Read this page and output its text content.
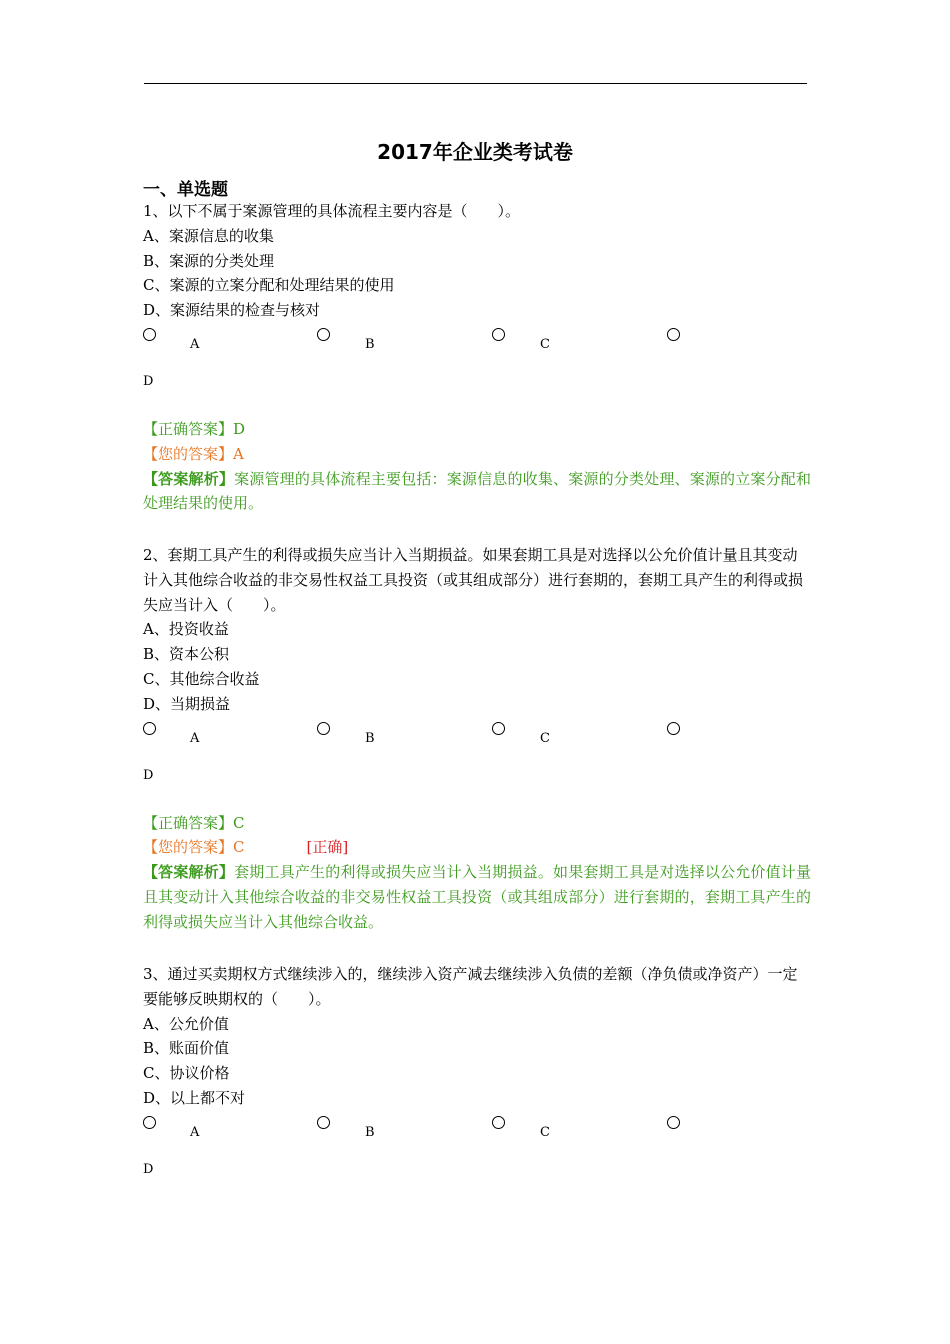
2017年企业类考试卷
一、单选题

1、以下不属于案源管理的具体流程主要内容是（　　）。

A、案源信息的收集

B、案源的分类处理

C、案源的立案分配和处理结果的使用

D、案源结果的检查与核对

A	B	C
D

【正确答案】D

【您的答案】A

【答案解析】案源管理的具体流程主要包括：案源信息的收集、案源的分类处理、案源的立案分配和处理结果的使用。

2、套期工具产生的利得或损失应当计入当期损益。如果套期工具是对选择以公允价值计量且其变动计入其他综合收益的非交易性权益工具投资（或其组成部分）进行套期的，套期工具产生的利得或损失应当计入（　　）。

A、投资收益

B、资本公积

C、其他综合收益

D、当期损益

A	B	C
D

【正确答案】C

【您的答案】C	[正确]

【答案解析】套期工具产生的利得或损失应当计入当期损益。如果套期工具是对选择以公允价值计量且其变动计入其他综合收益的非交易性权益工具投资（或其组成部分）进行套期的，套期工具产生的利得或损失应当计入其他综合收益。

3、通过买卖期权方式继续涉入的，继续涉入资产减去继续涉入负债的差额（净负债或净资产）一定要能够反映期权的（　　）。

A、公允价值

B、账面价值

C、协议价格

D、以上都不对

A	B	C
D
